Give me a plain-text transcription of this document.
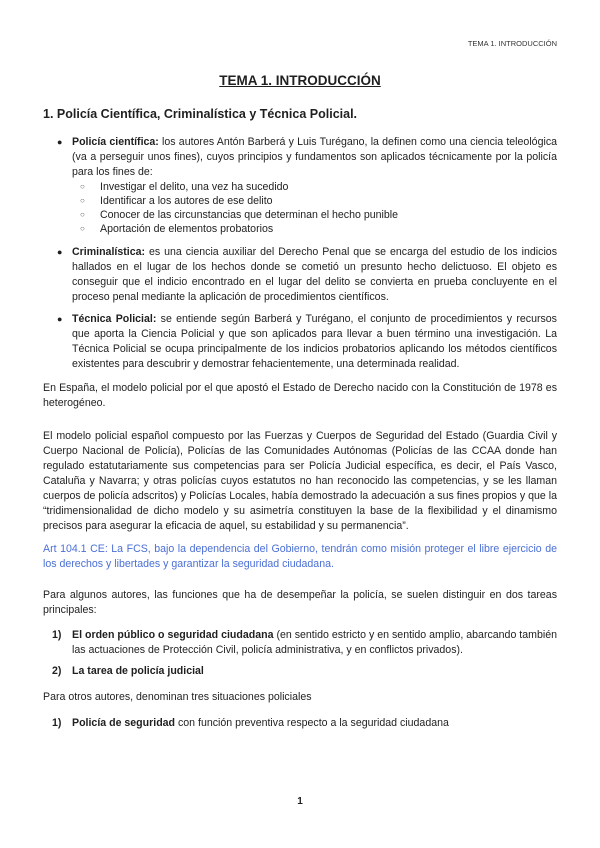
TEMA 1. INTRODUCCIÓN
TEMA 1. INTRODUCCIÓN
1. Policía Científica, Criminalística y Técnica Policial.
● Policía científica: los autores Antón Barberá y Luis Turégano, la definen como una ciencia teleológica (va a perseguir unos fines), cuyos principios y fundamentos son aplicados técnicamente por la policía para los fines de:
○ Investigar el delito, una vez ha sucedido
○ Identificar a los autores de ese delito
○ Conocer de las circunstancias que determinan el hecho punible
○ Aportación de elementos probatorios
● Criminalística: es una ciencia auxiliar del Derecho Penal que se encarga del estudio de los indicios hallados en el lugar de los hechos donde se cometió un presunto hecho delictuoso. El objeto es conseguir que el indicio encontrado en el lugar del delito se convierta en prueba concluyente en el proceso penal mediante la aplicación de procedimientos científicos.
● Técnica Policial: se entiende según Barberá y Turégano, el conjunto de procedimientos y recursos que aporta la Ciencia Policial y que son aplicados para llevar a buen término una investigación. La Técnica Policial se ocupa principalmente de los indicios probatorios aplicando los métodos científicos existentes para descubrir y demostrar fehacientemente, una determinada realidad.
En España, el modelo policial por el que apostó el Estado de Derecho nacido con la Constitución de 1978 es heterogéneo.
El modelo policial español compuesto por las Fuerzas y Cuerpos de Seguridad del Estado (Guardia Civil y Cuerpo Nacional de Policía), Policías de las Comunidades Autónomas (Policías de las CCAA donde han regulado estatutariamente sus competencias para ser Policía Judicial específica, es decir, el País Vasco, Cataluña y Navarra; y otras policías cuyos estatutos no han reconocido las competencias, y se les llaman cuerpos de policía adscritos) y Policías Locales, había demostrado la adecuación a sus fines propios y que la “tridimensionalidad de dicho modelo y su asimetría constituyen la base de la flexibilidad y el dinamismo precisos para asegurar la eficacia de aquel, su estabilidad y su permanencia”.
Art 104.1 CE: La FCS, bajo la dependencia del Gobierno, tendrán como misión proteger el libre ejercicio de los derechos y libertades y garantizar la seguridad ciudadana.
Para algunos autores, las funciones que ha de desempeñar la policía, se suelen distinguir en dos tareas principales:
1) El orden público o seguridad ciudadana (en sentido estricto y en sentido amplio, abarcando también las actuaciones de Protección Civil, policía administrativa, y en conflictos privados).
2) La tarea de policía judicial
Para otros autores, denominan tres situaciones policiales
1) Policía de seguridad con función preventiva respecto a la seguridad ciudadana
1
